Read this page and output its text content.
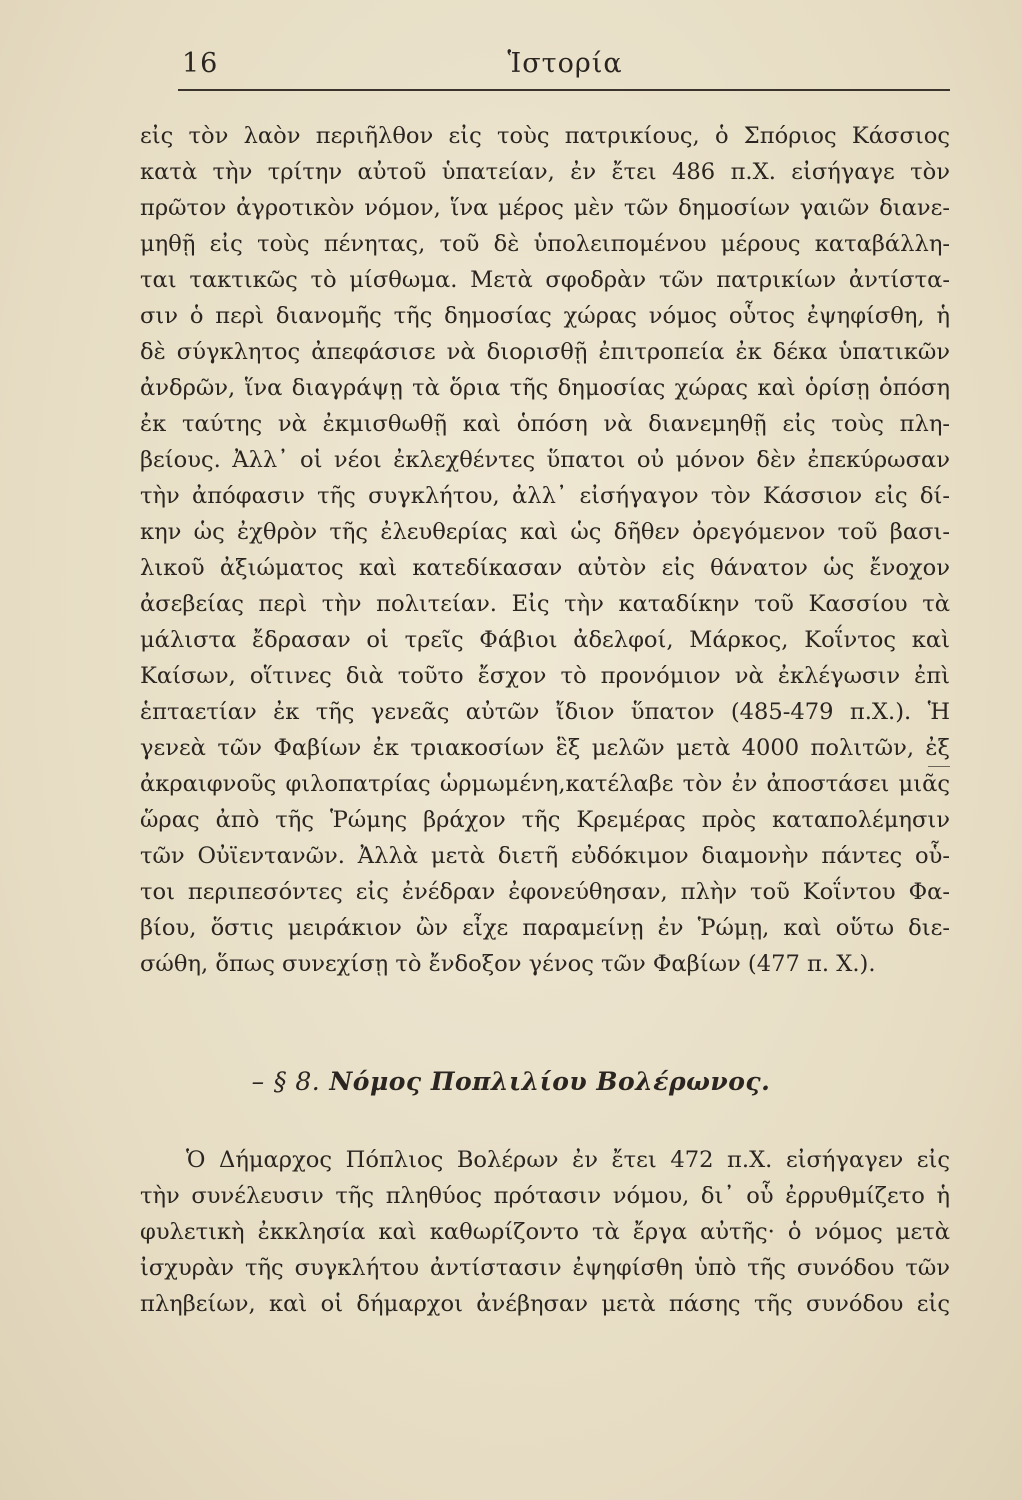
16	Ἱστορία
εἰς τὸν λαὸν περιῆλθον εἰς τοὺς πατρικίους, ὁ Σπόριος Κάσσιος
κατὰ τὴν τρίτην αὐτοῦ ὑπατείαν, ἐν ἔτει 486 π.Χ. εἰσήγαγε τὸν
πρῶτον ἀγροτικὸν νόμον, ἵνα μέρος μὲν τῶν δημοσίων γαιῶν διανε-
μηθῇ εἰς τοὺς πένητας, τοῦ δὲ ὑπολειπομένου μέρους καταβάλλη-
ται τακτικῶς τὸ μίσθωμα. Μετὰ σφοδρὰν τῶν πατρικίων ἀντίστα-
σιν ὁ περὶ διανομῆς τῆς δημοσίας χώρας νόμος οὗτος ἐψηφίσθη, ἡ
δὲ σύγκλητος ἀπεφάσισε νὰ διορισθῇ ἐπιτροπεία ἐκ δέκα ὑπατικῶν
ἀνδρῶν, ἵνα διαγράψῃ τὰ ὅρια τῆς δημοσίας χώρας καὶ ὁρίσῃ ὁπόση
ἐκ ταύτης νὰ ἐκμισθωθῇ καὶ ὁπόση νὰ διανεμηθῇ εἰς τοὺς πλη-
βείους. Ἀλλ᾽ οἱ νέοι ἐκλεχθέντες ὕπατοι οὐ μόνον δὲν ἐπεκύρωσαν
τὴν ἀπόφασιν τῆς συγκλήτου, ἀλλ᾽ εἰσήγαγον τὸν Κάσσιον εἰς δί-
κην ὡς ἐχθρὸν τῆς ἐλευθερίας καὶ ὡς δῆθεν ὀρεγόμενον τοῦ βασι-
λικοῦ ἀξιώματος καὶ κατεδίκασαν αὐτὸν εἰς θάνατον ὡς ἔνοχον
ἀσεβείας περὶ τὴν πολιτείαν. Εἰς τὴν καταδίκην τοῦ Κασσίου τὰ
μάλιστα ἔδρασαν οἱ τρεῖς Φάβιοι ἀδελφοί, Μάρκος, Κοΐντος καὶ
Καίσων, οἵτινες διὰ τοῦτο ἔσχον τὸ προνόμιον νὰ ἐκλέγωσιν ἐπὶ
ἑπταετίαν ἐκ τῆς γενεᾶς αὐτῶν ἴδιον ὕπατον (485-479 π.Χ.). Ἡ
γενεὰ τῶν Φαβίων ἐκ τριακοσίων ἓξ μελῶν μετὰ 4000 πολιτῶν, ἐξ
ἀκραιφνοῦς φιλοπατρίας ὡρμωμένη,κατέλαβε τὸν ἐν ἀποστάσει μιᾶς
ὥρας ἀπὸ τῆς Ῥώμης βράχον τῆς Κρεμέρας πρὸς καταπολέμησιν
τῶν Οὐϊεντανῶν. Ἀλλὰ μετὰ διετῆ εὐδόκιμον διαμονὴν πάντες οὗ-
τοι περιπεσόντες εἰς ἐνέδραν ἐφονεύθησαν, πλὴν τοῦ Κοΐντου Φα-
βίου, ὅστις μειράκιον ὢν εἶχε παραμείνῃ ἐν Ῥώμῃ, καὶ οὕτω διε-
σώθη, ὅπως συνεχίσῃ τὸ ἔνδοξον γένος τῶν Φαβίων (477 π. Χ.).
– § 8. Νόμος Ποπλιλίου Βολέρωνος.
Ὁ Δήμαρχος Πόπλιος Βολέρων ἐν ἔτει 472 π.Χ. εἰσήγαγεν εἰς
τὴν συνέλευσιν τῆς πληθύος πρότασιν νόμου, δι᾽ οὗ ἐρρυθμίζετο ἡ
φυλετικὴ ἐκκλησία καὶ καθωρίζοντο τὰ ἔργα αὐτῆς· ὁ νόμος μετὰ
ἰσχυρὰν τῆς συγκλήτου ἀντίστασιν ἐψηφίσθη ὑπὸ τῆς συνόδου τῶν
πληβείων, καὶ οἱ δήμαρχοι ἀνέβησαν μετὰ πάσης τῆς συνόδου εἰς
